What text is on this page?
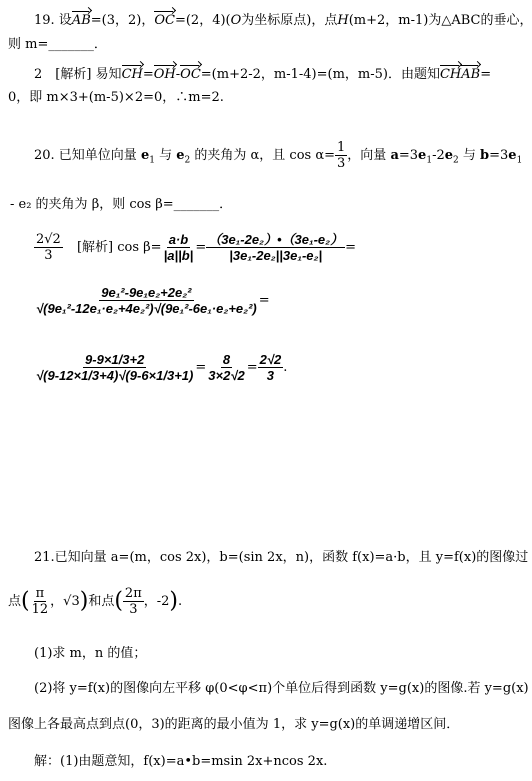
19. 设AB=(3，2)，OC=(2，4)(O为坐标原点)，点H(m+2，m-1)为△ABC的垂心，
则 m=_______．
2　[解析] 易知CH=OH-OC=(m+2-2，m-1-4)=(m，m-5)．由题知CHAB=
0，即 m×3+(m-5)×2=0，∴m=2.
20. 已知单位向量 $e_1$ 与 $e_2$ 的夹角为 α，且 $\cos \alpha= \frac{1}{3}$ ，向量 $a=3e_1-2e_2$ 与 $b=3e_1$
- e₂ 的夹角为 β，则 cos β=_______．
$\frac{2√2}{3}$ [解析] $\cos \beta= \frac{a\cdot b}{|a||b|} = \frac{\text{（3e₁-2e₂）•（3e₁-e₂）}}{\text{|3e₁-2e₂||3e₁-e₂|}}$ =
$\frac{\text{9e₁²-9e₁e₂+2e₂²}}{\text{√(9e₁²-12e₁·e₂+4e₂²)√(9e₁²-6e₁·e₂+e₂²)}}$ =
$\frac{9-9\times 1/3+2}{√(9-12\times 1/3+4)√(9-6\times 1/3+1)} = \frac{8}{3\times 2√2} = \frac{2√2}{3}$ .
21.已知向量 a=(m，cos 2x)，b=(sin 2x，n)，函数 f(x)=a·b，且 y=f(x)的图像过
点( $\frac{\pi}{12}$ ，√3)和点( $\frac{2\pi}{3}$ ，-2).
(1)求 m，n 的值；
(2)将 y=f(x)的图像向左平移 φ(0<φ<π)个单位后得到函数 y=g(x)的图像.若 y=g(x)
图像上各最高点到点(0，3)的距离的最小值为 1，求 y=g(x)的单调递增区间．
解：(1)由题意知，f(x)=a•b=msin 2x+ncos 2x.
